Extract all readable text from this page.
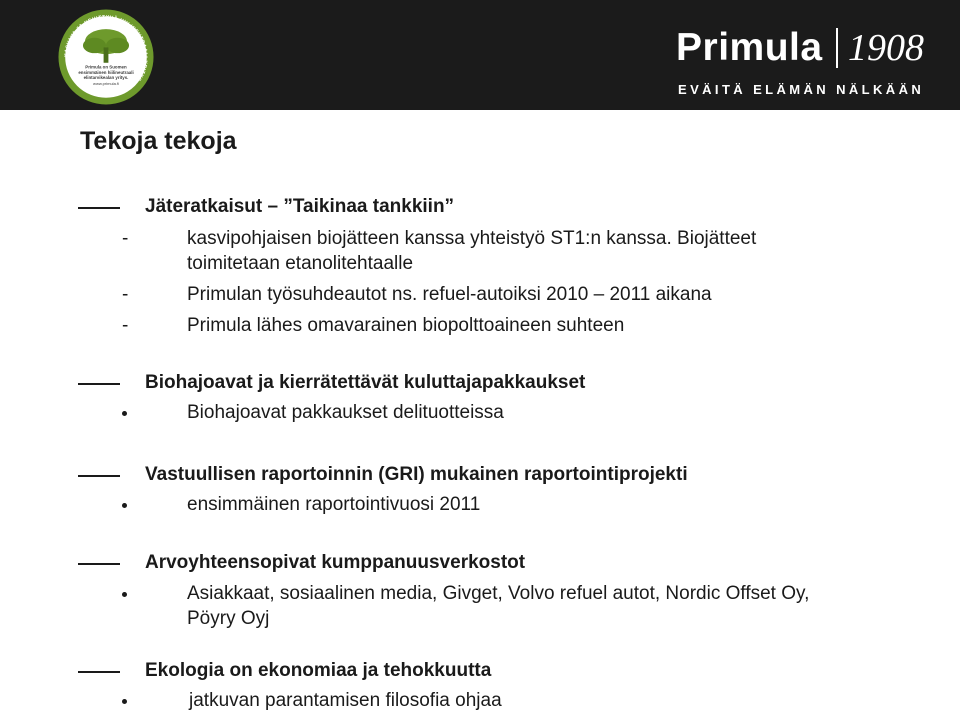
KASVAVA JA KEHITTYVÄ HIILINEUTRAALI YRITYS
Primula on Suomen
ensimmäinen hiilineutraali
elintarvikealan yritys.
www.primula.fi
Primula 1908
EVÄITÄ ELÄMÄN NÄLKÄÄN
Tekoja tekoja
Jäteratkaisut – ”Taikinaa tankkiin”
-	kasvipohjaisen biojätteen kanssa yhteistyö ST1:n kanssa. Biojätteet
toimitetaan etanolitehtaalle
-	Primulan työsuhdeautot ns. refuel-autoiksi 2010 – 2011 aikana
-	Primula lähes omavarainen biopolttoaineen suhteen
Biohajoavat ja kierrätettävät kuluttajapakkaukset
Biohajoavat pakkaukset delituotteissa
Vastuullisen raportoinnin (GRI) mukainen raportointiprojekti
ensimmäinen raportointivuosi 2011
Arvoyhteensopivat kumppanuusverkostot
Asiakkaat, sosiaalinen media, Givget, Volvo refuel autot, Nordic Offset Oy,
Pöyry Oyj
Ekologia on ekonomiaa ja tehokkuutta
jatkuvan parantamisen filosofia ohjaa
